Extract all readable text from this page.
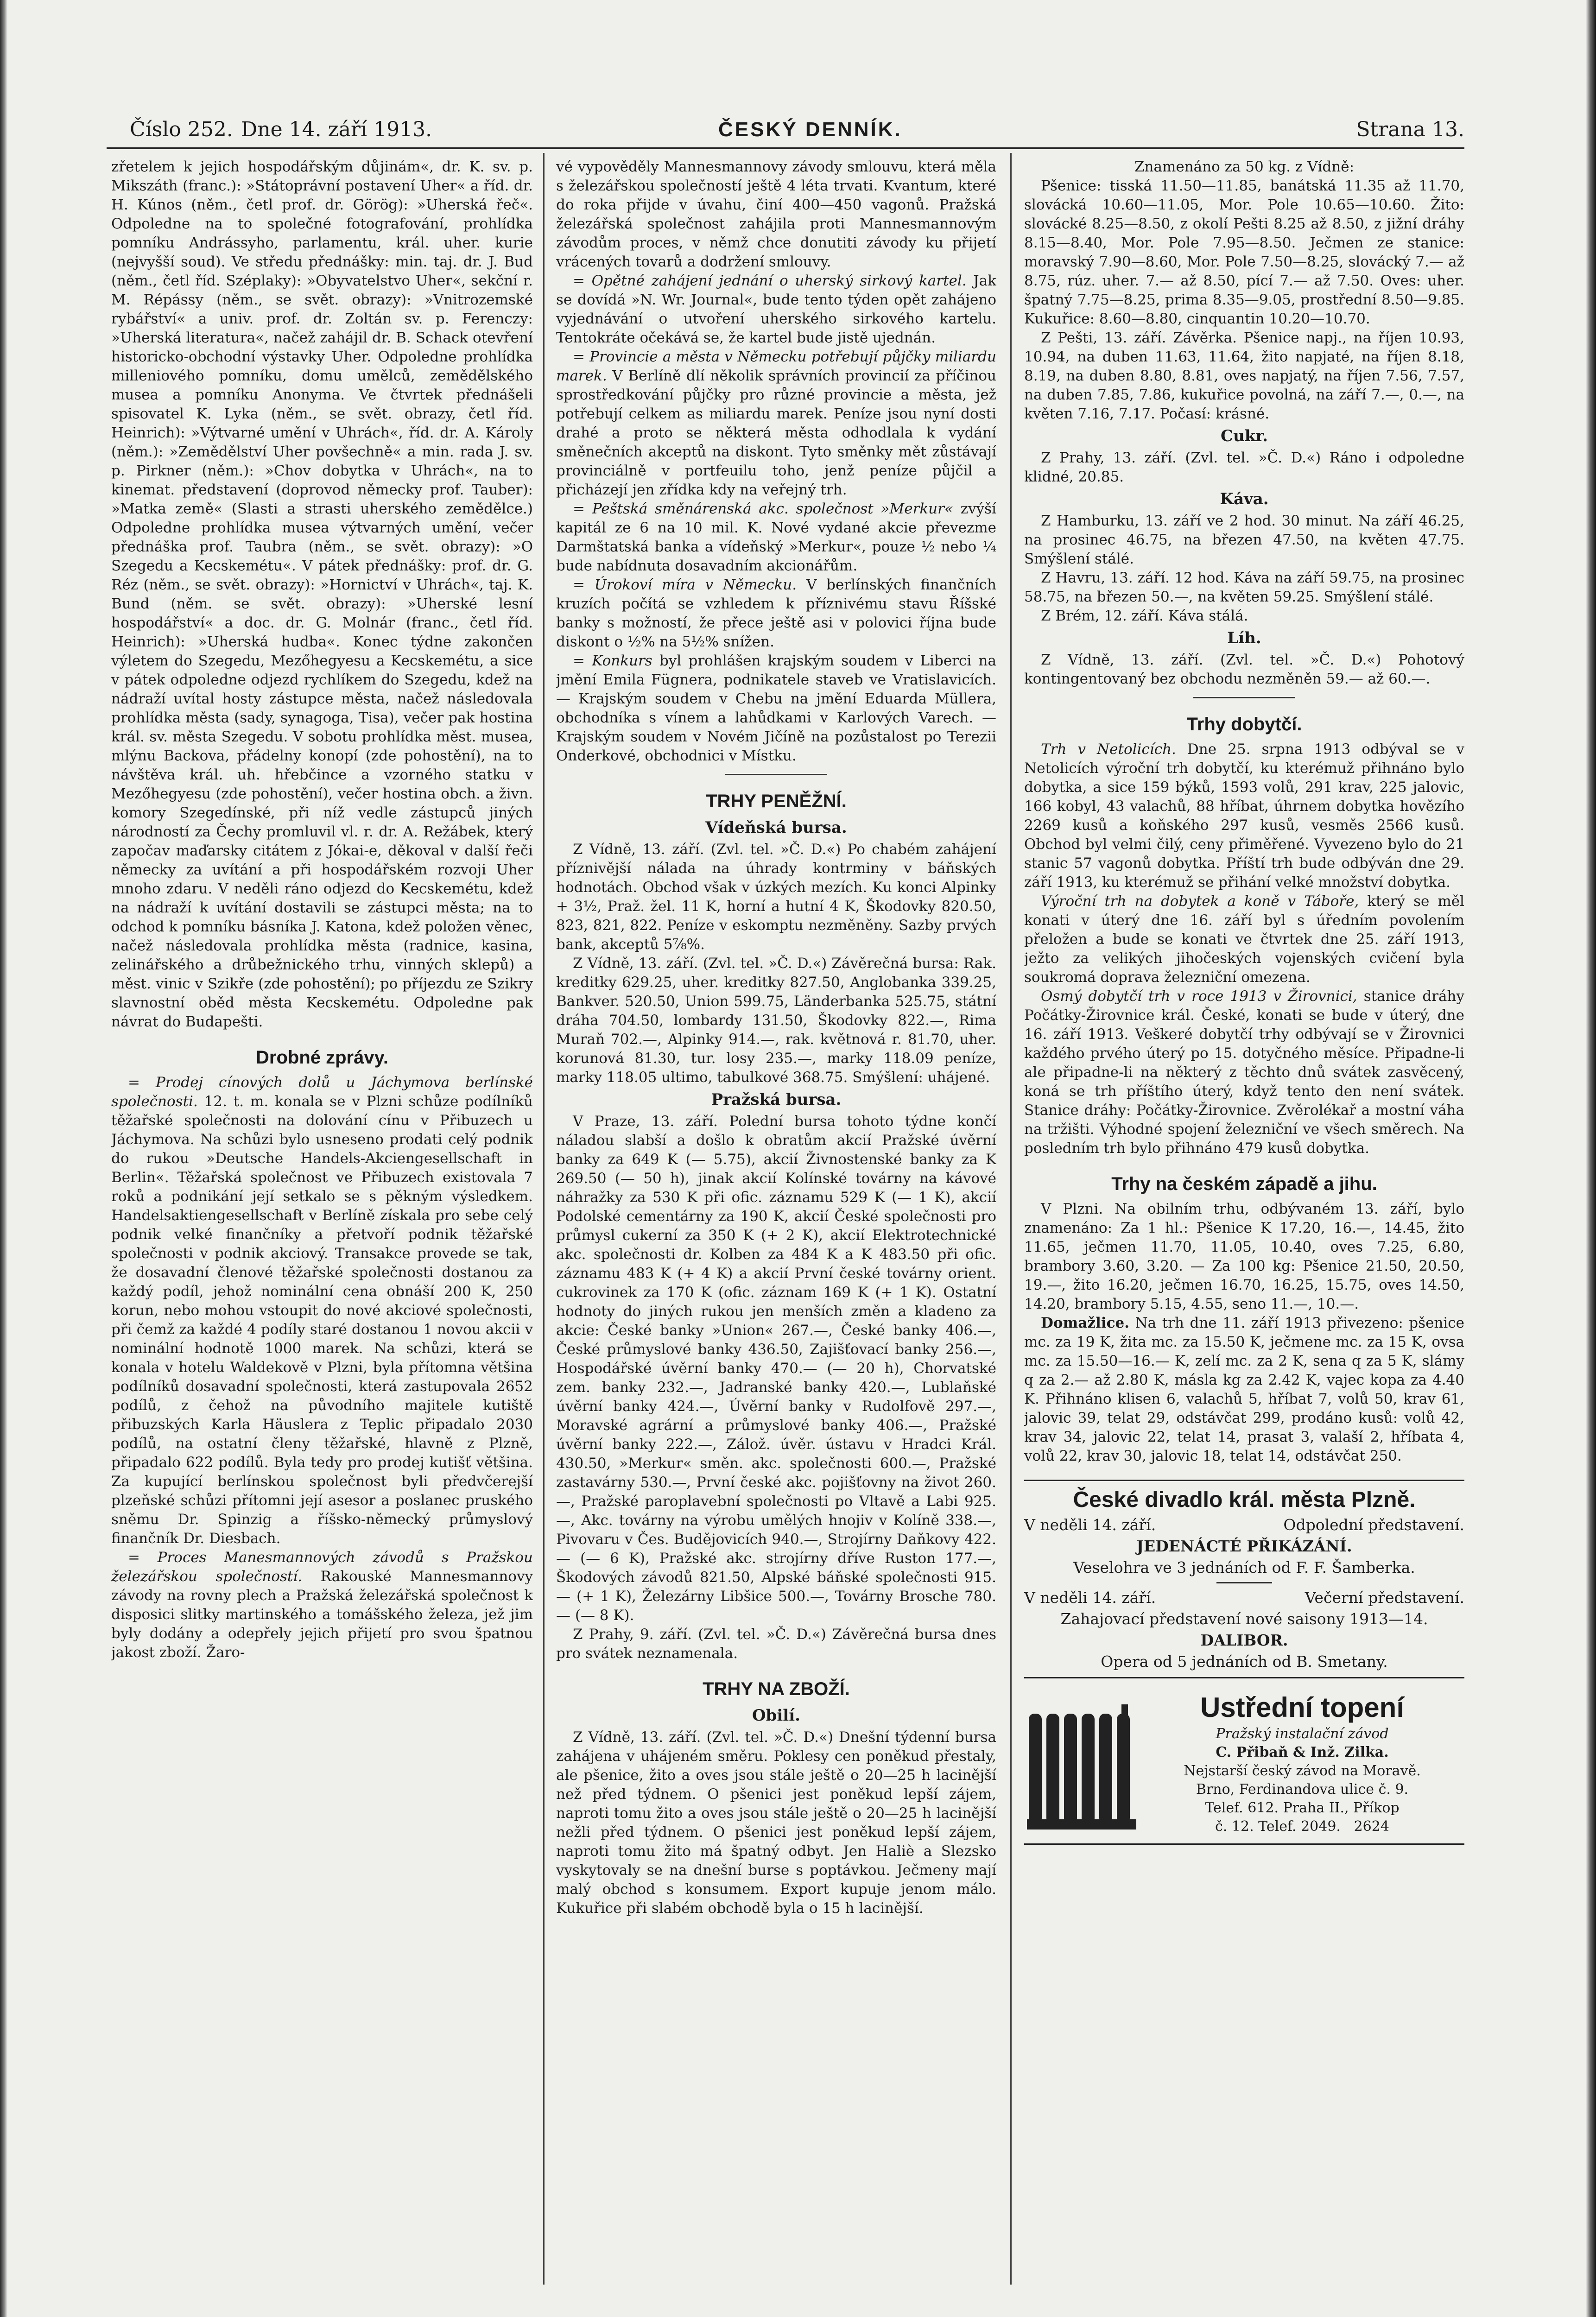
Číslo 252. Dne 14. září 1913.	ČESKÝ DENNÍK.	Strana 13.

zřetelem k jejich hospodářským důjinám«, dr. K. sv. p. Mikszáth (franc.): »Státoprávní postavení Uher« a říd. dr. H. Kúnos (něm., četl prof. dr. Görög): »Uherská řeč«. Odpoledne na to společné fotografování, prohlídka pomníku Andrássyho, parlamentu, král. uher. kurie (nejvyšší soud). Ve středu přednášky: min. taj. dr. J. Bud (něm., četl říd. Széplaky): »Obyvatelstvo Uher«, sekční r. M. Répássy (něm., se svět. obrazy): »Vnitrozemské rybářství« a univ. prof. dr. Zoltán sv. p. Ferenczy: »Uherská literatura«, načež zahájil dr. B. Schack otevření historicko-obchodní výstavky Uher. Odpoledne prohlídka milleniového pomníku, domu umělců, zemědělského musea a pomníku Anonyma. Ve čtvrtek přednášeli spisovatel K. Lyka (něm., se svět. obrazy, četl říd. Heinrich): »Výtvarné umění v Uhrách«, říd. dr. A. Károly (něm.): »Zemědělství Uher povšechně« a min. rada J. sv. p. Pirkner (něm.): »Chov dobytka v Uhrách«, na to kinemat. představení (doprovod německy prof. Tauber): »Matka země« (Slasti a strasti uherského zemědělce.) Odpoledne prohlídka musea výtvarných umění, večer přednáška prof. Taubra (něm., se svět. obrazy): »O Szegedu a Kecskemétu«. V pátek přednášky: prof. dr. G. Réz (něm., se svět. obrazy): »Hornictví v Uhrách«, taj. K. Bund (něm. se svět. obrazy): »Uherské lesní hospodářství« a doc. dr. G. Molnár (franc., četl říd. Heinrich): »Uherská hudba«. Konec týdne zakončen výletem do Szegedu, Mezőhegyesu a Kecskemétu, a sice v pátek odpoledne odjezd rychlíkem do Szegedu, kdež na nádraží uvítal hosty zástupce města, načež následovala prohlídka města (sady, synagoga, Tisa), večer pak hostina král. sv. města Szegedu. V sobotu prohlídka měst. musea, mlýnu Backova, přádelny konopí (zde pohostění), na to návštěva král. uh. hřebčince a vzorného statku v Mezőhegyesu (zde pohostění), večer hostina obch. a živn. komory Szegedínské, při níž vedle zástupců jiných národností za Čechy promluvil vl. r. dr. A. Režábek, který započav maďarsky citátem z Jókai-e, děkoval v další řeči německy za uvítání a při hospodářském rozvoji Uher mnoho zdaru. V neděli ráno odjezd do Kecskemétu, kdež na nádraží k uvítání dostavili se zástupci města; na to odchod k pomníku básníka J. Katona, kdež položen věnec, načež následovala prohlídka města (radnice, kasina, zelinářského a drůbežnického trhu, vinných sklepů) a měst. vinic v Szikře (zde pohostění); po příjezdu ze Szikry slavnostní oběd města Kecskemétu. Odpoledne pak návrat do Budapešti.

Drobné zprávy.

= Prodej cínových dolů u Jáchymova berlínské společnosti. 12. t. m. konala se v Plzni schůze podílníků těžařské společnosti na dolování cínu v Přibuzech u Jáchymova. Na schůzi bylo usneseno prodati celý podnik do rukou »Deutsche Handels-Akciengesellschaft in Berlin«. Těžařská společnost ve Přibuzech existovala 7 roků a podnikání její setkalo se s pěkným výsledkem. Handelsaktiengesellschaft v Berlíně získala pro sebe celý podnik velké finančníky a přetvoří podnik těžařské společnosti v podnik akciový. Transakce provede se tak, že dosavadní členové těžařské společnosti dostanou za každý podíl, jehož nominální cena obnáší 200 K, 250 korun, nebo mohou vstoupit do nové akciové společnosti, při čemž za každé 4 podíly staré dostanou 1 novou akcii v nominální hodnotě 1000 marek. Na schůzi, která se konala v hotelu Waldekově v Plzni, byla přítomna většina podílníků dosavadní společnosti, která zastupovala 2652 podílů, z čehož na původního majitele kutiště přibuzských Karla Häuslera z Teplic připadalo 2030 podílů, na ostatní členy těžařské, hlavně z Plzně, připadalo 622 podílů. Byla tedy pro prodej kutišť většina. Za kupující berlínskou společnost byli předvčerejší plzeňské schůzi přítomni její asesor a poslanec pruského sněmu Dr. Spinzig a říšsko-německý průmyslový finančník Dr. Diesbach.

= Proces Manesmannových závodů s Pražskou železářskou společností. Rakouské Mannesmannovy závody na rovny plech a Pražská železářská společnost k disposici slitky martinského a tomášského železa, jež jim byly dodány a odepřely jejich přijetí pro svou špatnou jakost zboží. Žaro-

vé vypověděly Mannesmannovy závody smlouvu, která měla s železářskou společností ještě 4 léta trvati. Kvantum, které do roka přijde v úvahu, činí 400—450 vagonů. Pražská železářská společnost zahájila proti Mannesmannovým závodům proces, v němž chce donutiti závody ku přijetí vrácených tovarů a dodržení smlouvy.

= Opětné zahájení jednání o uherský sirkový kartel. Jak se dovídá »N. Wr. Journal«, bude tento týden opět zahájeno vyjednávání o utvoření uherského sirkového kartelu. Tentokráte očekává se, že kartel bude jistě ujednán.

= Provincie a města v Německu potřebují půjčky miliardu marek. V Berlíně dlí několik správních provincií za příčinou sprostředkování půjčky pro různé provincie a města, jež potřebují celkem as miliardu marek. Peníze jsou nyní dosti drahé a proto se některá města odhodlala k vydání směnečních akceptů na diskont. Tyto směnky mět zůstávají provinciálně v portfeuilu toho, jenž peníze půjčil a přicházejí jen zřídka kdy na veřejný trh.

= Peštská směnárenská akc. společnost »Merkur« zvýší kapitál ze 6 na 10 mil. K. Nové vydané akcie převezme Darmštatská banka a vídeňský »Merkur«, pouze ½ nebo ¼ bude nabídnuta dosavadním akcionářům.

= Úrokoví míra v Německu. V berlínských finančních kruzích počítá se vzhledem k příznivému stavu Říšské banky s možností, že přece ještě asi v polovici října bude diskont o ½% na 5½% snížen.

= Konkurs byl prohlášen krajským soudem v Liberci na jmění Emila Fügnera, podnikatele staveb ve Vratislavicích. — Krajským soudem v Chebu na jmění Eduarda Müllera, obchodníka s vínem a lahůdkami v Karlových Varech. — Krajským soudem v Novém Jičíně na pozůstalost po Terezii Onderkové, obchodnici v Místku.

TRHY PENĚŽNÍ.
Vídeňská bursa.

Z Vídně, 13. září. (Zvl. tel. »Č. D.«) Po chabém zahájení příznivější nálada na úhrady kontrminy v báňských hodnotách. Obchod však v úzkých mezích. Ku konci Alpinky + 3½, Praž. žel. 11 K, horní a hutní 4 K, Škodovky 820.50, 823, 821, 822. Peníze v eskomptu nezměněny. Sazby prvých bank, akceptů 5⅞%.

Z Vídně, 13. září. (Zvl. tel. »Č. D.«) Závěrečná bursa: Rak. kreditky 629.25, uher. kreditky 827.50, Anglobanka 339.25, Bankver. 520.50, Union 599.75, Länderbanka 525.75, státní dráha 704.50, lombardy 131.50, Škodovky 822.—, Rima Muraň 702.—, Alpinky 914.—, rak. květnová r. 81.70, uher. korunová 81.30, tur. losy 235.—, marky 118.09 peníze, marky 118.05 ultimo, tabulkové 368.75. Smýšlení: uhájené.

Pražská bursa.

V Praze, 13. září. Polední bursa tohoto týdne končí náladou slabší a došlo k obratům akcií Pražské úvěrní banky za 649 K (— 5.75), akcií Živnostenské banky za K 269.50 (— 50 h), jinak akcií Kolínské továrny na kávové náhražky za 530 K při ofic. záznamu 529 K (— 1 K), akcií Podolské cementárny za 190 K, akcií České společnosti pro průmysl cukerní za 350 K (+ 2 K), akcií Elektrotechnické akc. společnosti dr. Kolben za 484 K a K 483.50 při ofic. záznamu 483 K (+ 4 K) a akcií První české továrny orient. cukrovinek za 170 K (ofic. záznam 169 K (+ 1 K). Ostatní hodnoty do jiných rukou jen menších změn a kladeno za akcie: České banky »Union« 267.—, České banky 406.—, České průmyslové banky 436.50, Zajišťovací banky 256.—, Hospodářské úvěrní banky 470.— (— 20 h), Chorvatské zem. banky 232.—, Jadranské banky 420.—, Lublaňské úvěrní banky 424.—, Úvěrní banky v Rudolfově 297.—, Moravské agrární a průmyslové banky 406.—, Pražské úvěrní banky 222.—, Zálož. úvěr. ústavu v Hradci Král. 430.50, »Merkur« směn. akc. společnosti 600.—, Pražské zastavárny 530.—, První české akc. pojišťovny na život 260.—, Pražské paroplavební společnosti po Vltavě a Labi 925.—, Akc. továrny na výrobu umělých hnojiv v Kolíně 338.—, Pivovaru v Čes. Budějovicích 940.—, Strojírny Daňkovy 422.— (— 6 K), Pražské akc. strojírny dříve Ruston 177.—, Škodových závodů 821.50, Alpské báňské společnosti 915.— (+ 1 K), Železárny Libšice 500.—, Továrny Brosche 780.— (— 8 K).

Z Prahy, 9. září. (Zvl. tel. »Č. D.«) Závěrečná bursa dnes pro svátek neznamenala.

TRHY NA ZBOŽÍ.
Obilí.

Z Vídně, 13. září. (Zvl. tel. »Č. D.«) Dnešní týdenní bursa zahájena v uhájeném směru. Poklesy cen poněkud přestaly, ale pšenice, žito a oves jsou stále ještě o 20—25 h lacinější než před týdnem. O pšenici jest poněkud lepší zájem, naproti tomu žito a oves jsou stále ještě o 20—25 h lacinější nežli před týdnem. O pšenici jest poněkud lepší zájem, naproti tomu žito má špatný odbyt. Jen Haliè a Slezsko vyskytovaly se na dnešní burse s poptávkou. Ječmeny mají malý obchod s konsumem. Export kupuje jenom málo. Kukuřice při slabém obchodě byla o 15 h lacinější.

Znamenáno za 50 kg. z Vídně:

Pšenice: tisská 11.50—11.85, banátská 11.35 až 11.70, slovácká 10.60—11.05, Mor. Pole 10.65—10.60. Žito: slovácké 8.25—8.50, z okolí Pešti 8.25 až 8.50, z jižní dráhy 8.15—8.40, Mor. Pole 7.95—8.50. Ječmen ze stanice: moravský 7.90—8.60, Mor. Pole 7.50—8.25, slovácký 7.— až 8.75, rúz. uher. 7.— až 8.50, pící 7.— až 7.50. Oves: uher. špatný 7.75—8.25, prima 8.35—9.05, prostřední 8.50—9.85. Kukuřice: 8.60—8.80, cinquantin 10.20—10.70.

Z Pešti, 13. září. Závěrka. Pšenice napj., na říjen 10.93, 10.94, na duben 11.63, 11.64, žito napjaté, na říjen 8.18, 8.19, na duben 8.80, 8.81, oves napjatý, na říjen 7.56, 7.57, na duben 7.85, 7.86, kukuřice povolná, na září 7.—, 0.—, na květen 7.16, 7.17. Počasí: krásné.

Cukr.

Z Prahy, 13. září. (Zvl. tel. »Č. D.«) Ráno i odpoledne klidné, 20.85.

Káva.

Z Hamburku, 13. září ve 2 hod. 30 minut. Na září 46.25, na prosinec 46.75, na březen 47.50, na květen 47.75. Smýšlení stálé.

Z Havru, 13. září. 12 hod. Káva na září 59.75, na prosinec 58.75, na březen 50.—, na květen 59.25. Smýšlení stálé.

Z Brém, 12. září. Káva stálá.

Líh.

Z Vídně, 13. září. (Zvl. tel. »Č. D.«) Pohotový kontingentovaný bez obchodu nezměněn 59.— až 60.—.

Trhy dobytčí.

Trh v Netolicích. Dne 25. srpna 1913 odbýval se v Netolicích výroční trh dobytčí, ku kterémuž přihnáno bylo dobytka, a sice 159 býků, 1593 volů, 291 krav, 225 jalovic, 166 kobyl, 43 valachů, 88 hříbat, úhrnem dobytka hovězího 2269 kusů a koňského 297 kusů, vesměs 2566 kusů. Obchod byl velmi čilý, ceny přiměřené. Vyvezeno bylo do 21 stanic 57 vagonů dobytka. Příští trh bude odbýván dne 29. září 1913, ku kterémuž se přihání velké množství dobytka.

Výroční trh na dobytek a koně v Táboře, který se měl konati v úterý dne 16. září byl s úředním povolením přeložen a bude se konati ve čtvrtek dne 25. září 1913, ježto za velikých jihočeských vojenských cvičení byla soukromá doprava železniční omezena.

Osmý dobytčí trh v roce 1913 v Žirovnici, stanice dráhy Počátky-Žirovnice král. České, konati se bude v úterý, dne 16. září 1913. Veškeré dobytčí trhy odbývají se v Žirovnici každého prvého úterý po 15. dotyčného měsíce. Připadne-li ale připadne-li na některý z těchto dnů svátek zasvěcený, koná se trh příštího úterý, když tento den není svátek. Stanice dráhy: Počátky-Žirovnice. Zvěrolékař a mostní váha na tržišti. Výhodné spojení železniční ve všech směrech. Na posledním trh bylo přihnáno 479 kusů dobytka.

Trhy na českém západě a jihu.

V Plzni. Na obilním trhu, odbývaném 13. září, bylo znamenáno: Za 1 hl.: Pšenice K 17.20, 16.—, 14.45, žito 11.65, ječmen 11.70, 11.05, 10.40, oves 7.25, 6.80, brambory 3.60, 3.20. — Za 100 kg: Pšenice 21.50, 20.50, 19.—, žito 16.20, ječmen 16.70, 16.25, 15.75, oves 14.50, 14.20, brambory 5.15, 4.55, seno 11.—, 10.—.

Domažlice. Na trh dne 11. září 1913 přivezeno: pšenice mc. za 19 K, žita mc. za 15.50 K, ječmene mc. za 15 K, ovsa mc. za 15.50—16.— K, zelí mc. za 2 K, sena q za 5 K, slámy q za 2.— až 2.80 K, másla kg za 2.42 K, vajec kopa za 4.40 K. Přihnáno klisen 6, valachů 5, hříbat 7, volů 50, krav 61, jalovic 39, telat 29, odstávčat 299, prodáno kusů: volů 42, krav 34, jalovic 22, telat 14, prasat 3, valaší 2, hříbata 4, volů 22, krav 30, jalovic 18, telat 14, odstávčat 250.

České divadlo král. města Plzně.
V neděli 14. září.	Odpolední představení.
JEDENÁCTÉ PŘIKÁZÁNÍ.
Veselohra ve 3 jednáních od F. F. Šamberka.
V neděli 14. září.	Večerní představení.
Zahajovací představení nové saisony 1913—14.
DALIBOR.
Opera od 5 jednáních od B. Smetany.
Ustřední topení
Pražský instalační závod
C. Přibaň & Inž. Zilka.
Nejstarší český závod na Moravě.
Brno, Ferdinandova ulice č. 9.
Telef. 612. Praha II., Příkop
č. 12. Telef. 2049. 2624
